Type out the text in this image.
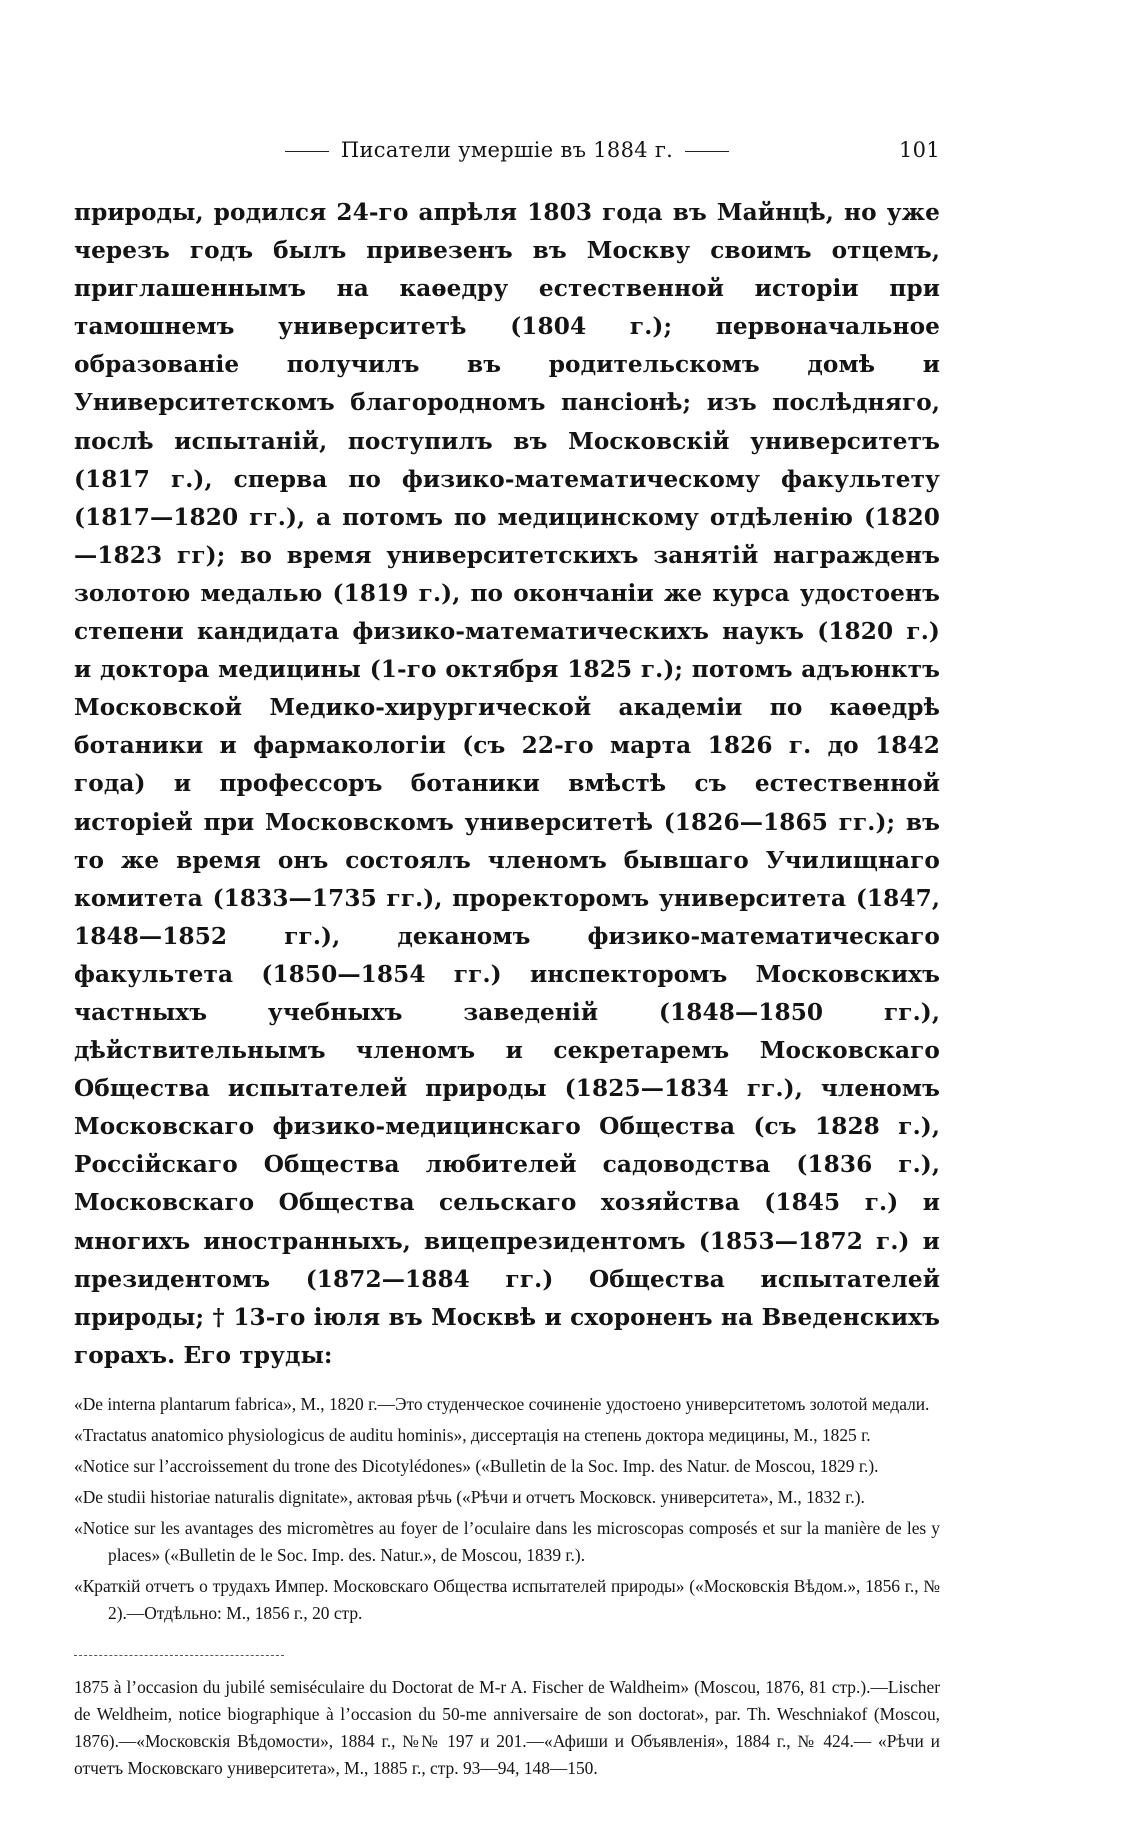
Писатели умершіе въ 1884 г.	101
природы, родился 24-го апрѣля 1803 года въ Майнцѣ, но уже черезъ годъ былъ привезенъ въ Москву своимъ отцемъ, приглашеннымъ на каѳедру естественной исторіи при тамошнемъ университетѣ (1804 г.); первоначальное образованіе получилъ въ родительскомъ домѣ и Университетскомъ благородномъ пансіонѣ; изъ послѣдняго, послѣ испытаній, поступилъ въ Московскій университетъ (1817 г.), сперва по физико-математическому факультету (1817—1820 гг.), а потомъ по медицинскому отдѣленію (1820—1823 гг); во время университетскихъ занятій награжденъ золотою медалью (1819 г.), по окончаніи же курса удостоенъ степени кандидата физико-математическихъ наукъ (1820 г.) и доктора медицины (1-го октября 1825 г.); потомъ адъюнктъ Московской Медико-хирургической академіи по каѳедрѣ ботаники и фармакологіи (съ 22-го марта 1826 г. до 1842 года) и профессоръ ботаники вмѣстѣ съ естественной исторіей при Московскомъ университетѣ (1826—1865 гг.); въ то же время онъ состоялъ членомъ бывшаго Училищнаго комитета (1833—1735 гг.), проректоромъ университета (1847, 1848—1852 гг.), деканомъ физико-математическаго факультета (1850—1854 гг.) инспекторомъ Московскихъ частныхъ учебныхъ заведеній (1848—1850 гг.), дѣйствительнымъ членомъ и секретаремъ Московскаго Общества испытателей природы (1825—1834 гг.), членомъ Московскаго физико-медицинскаго Общества (съ 1828 г.), Россійскаго Общества любителей садоводства (1836 г.), Московскаго Общества сельскаго хозяйства (1845 г.) и многихъ иностранныхъ, вицепрезидентомъ (1853—1872 г.) и президентомъ (1872—1884 гг.) Общества испытателей природы; † 13-го іюля въ Москвѣ и схороненъ на Введенскихъ горахъ. Его труды:
«De interna plantarum fabrica», М., 1820 г.—Это студенческое сочиненіе удостоено университетомъ золотой медали.
«Tractatus anatomico physiologicus de auditu hominis», диссертація на степень доктора медицины, М., 1825 г.
«Notice sur l’accroissement du trone des Dicotylédones» («Bulletin de la Soc. Imp. des Natur. de Moscou, 1829 г.).
«De studii historiae naturalis dignitate», актовая рѣчь («Рѣчи и отчетъ Московск. университета», М., 1832 г.).
«Notice sur les avantages des micromètres au foyer de l’oculaire dans les microscopas composés et sur la manière de les y places» («Bulletin de le Soc. Imp. des. Natur.», de Moscou, 1839 г.).
«Краткій отчетъ о трудахъ Импер. Московскаго Общества испытателей природы» («Московскія Вѣдом.», 1856 г., № 2).—Отдѣльно: М., 1856 г., 20 стр.
1875 à l’occasion du jubilé semiséculaire du Doctorat de M-r A. Fischer de Waldheim» (Moscou, 1876, 81 стр.).—Lischer de Weldheim, notice biographique à l’occasion du 50-me anniversaire de son doctorat», par. Th. Weschniakof (Moscou, 1876).—«Московскія Вѣдомости», 1884 г., №№ 197 и 201.—«Афиши и Объявленія», 1884 г., № 424.— «Рѣчи и отчетъ Московскаго университета», М., 1885 г., стр. 93—94, 148—150.
